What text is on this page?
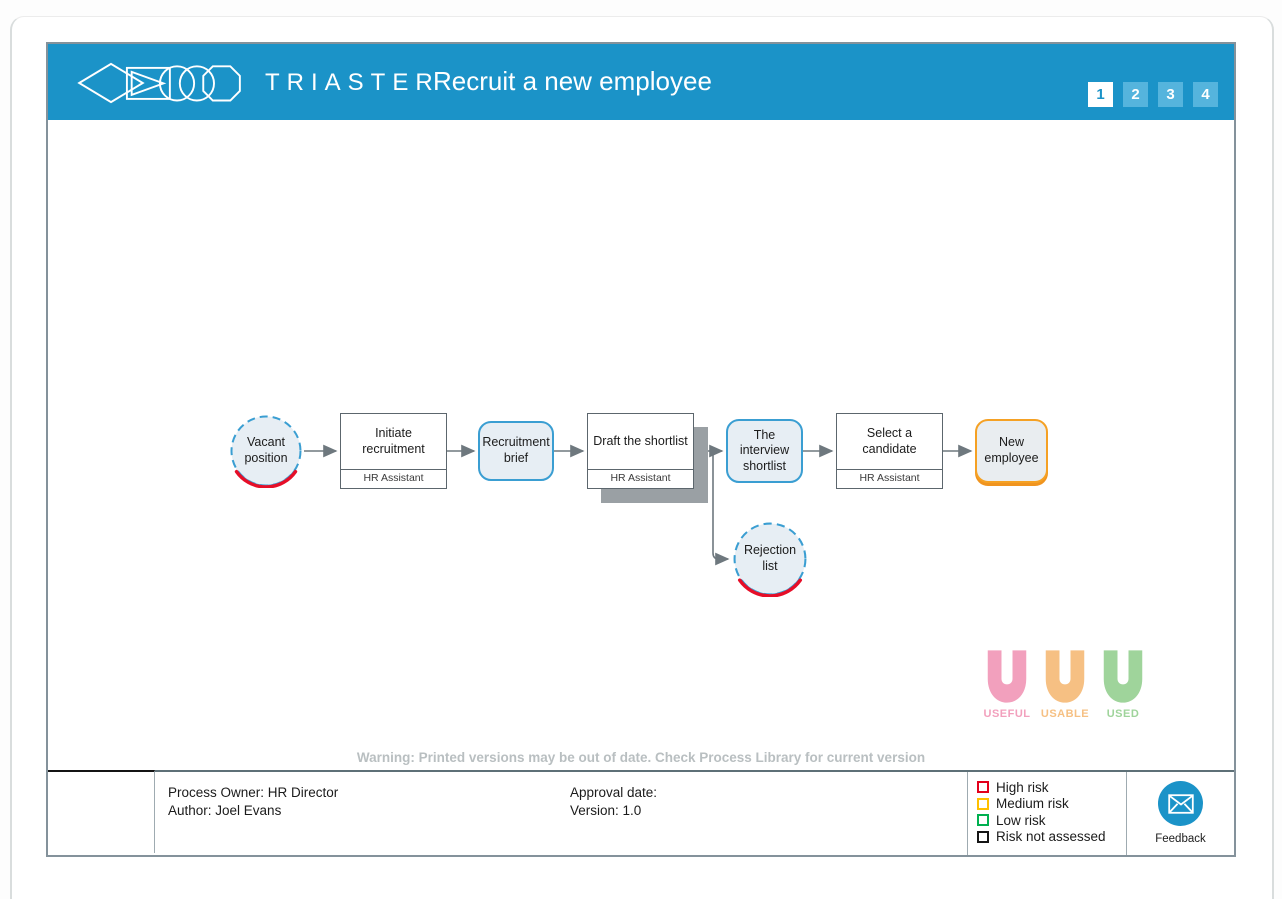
TRIASTER
Recruit a new employee	1	2	3	4
Vacant position
Initiate recruitment
HR Assistant
Recruitment brief
Draft the shortlist
HR Assistant
The interview shortlist
Select a candidate
HR Assistant
New employee
Rejection list
USEFUL USABLE USED
Warning: Printed versions may be out of date. Check Process Library for current version
Process Owner: HR Director
Author: Joel Evans
Approval date:
Version: 1.0
High risk
Medium risk
Low risk
Risk not assessed	Feedback
